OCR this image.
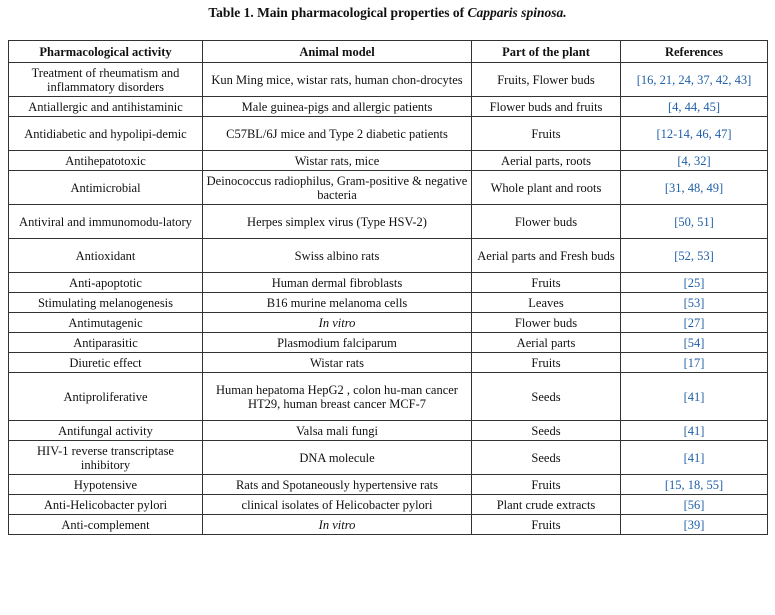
Table 1. Main pharmacological properties of Capparis spinosa.
Pharmacological activity	Animal model	Part of the plant	References
Treatment of rheumatism and inflammatory disorders	Kun Ming mice, wistar rats, human chon-drocytes	Fruits, Flower buds	[16, 21, 24, 37, 42, 43]
Antiallergic and antihistaminic	Male guinea-pigs and allergic patients	Flower buds and fruits	[4, 44, 45]
Antidiabetic and hypolipi-demic	C57BL/6J mice and Type 2 diabetic patients	Fruits	[12-14, 46, 47]
Antihepatotoxic	Wistar rats, mice	Aerial parts, roots	[4, 32]
Antimicrobial	Deinococcus radiophilus, Gram-positive & negative bacteria	Whole plant and roots	[31, 48, 49]
Antiviral and immunomodu-latory	Herpes simplex virus (Type HSV-2)	Flower buds	[50, 51]
Antioxidant	Swiss albino rats	Aerial parts and Fresh buds	[52, 53]
Anti-apoptotic	Human dermal fibroblasts	Fruits	[25]
Stimulating melanogenesis	B16 murine melanoma cells	Leaves	[53]
Antimutagenic	In vitro	Flower buds	[27]
Antiparasitic	Plasmodium falciparum	Aerial parts	[54]
Diuretic effect	Wistar rats	Fruits	[17]
Antiproliferative	Human hepatoma HepG2 , colon hu-man cancer HT29, human breast cancer MCF-7	Seeds	[41]
Antifungal activity	Valsa mali fungi	Seeds	[41]
HIV-1 reverse transcriptase inhibitory	DNA molecule	Seeds	[41]
Hypotensive	Rats and Spotaneously hypertensive rats	Fruits	[15, 18, 55]
Anti-Helicobacter pylori	clinical isolates of Helicobacter pylori	Plant crude extracts	[56]
Anti-complement	In vitro	Fruits	[39]
